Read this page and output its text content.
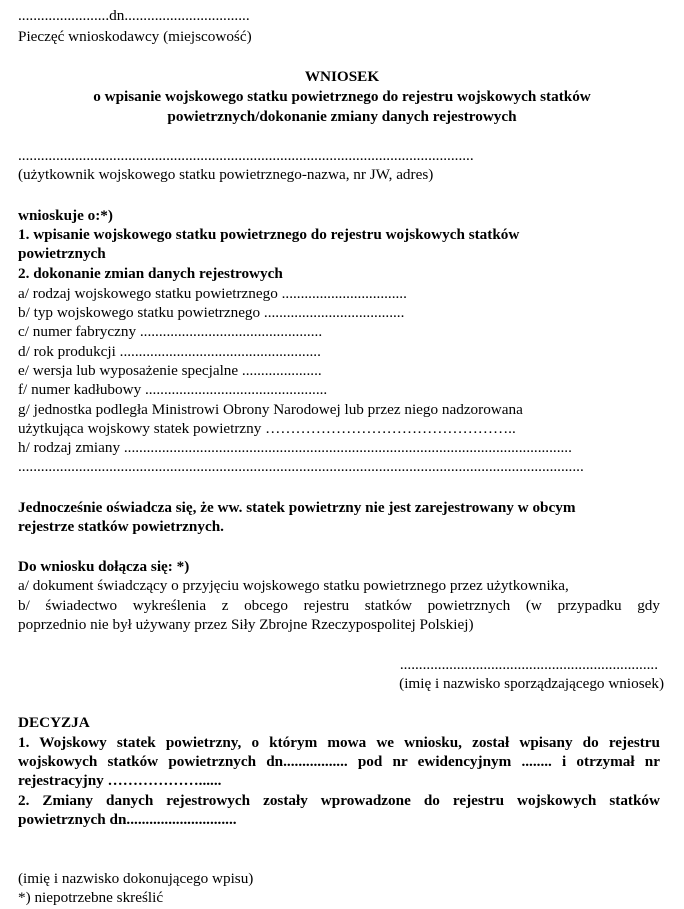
........................dn.................................
Pieczęć wnioskodawcy (miejscowość)
WNIOSEK
o wpisanie wojskowego statku powietrznego do rejestru wojskowych statków
powietrznych/dokonanie zmiany danych rejestrowych
........................................................................................................................
(użytkownik wojskowego statku powietrznego-nazwa, nr JW, adres)
wnioskuje o:*)
1. wpisanie wojskowego statku powietrznego do rejestru wojskowych statków
powietrznych
2. dokonanie zmian danych rejestrowych
a/ rodzaj wojskowego statku powietrznego .................................
b/ typ wojskowego statku powietrznego .....................................
c/ numer fabryczny ................................................
d/ rok produkcji .....................................................
e/ wersja lub wyposażenie specjalne .....................
f/ numer kadłubowy ................................................
g/ jednostka podległa Ministrowi Obrony Narodowej lub przez niego nadzorowana
użytkująca wojskowy statek powietrzny …………………………………………..
h/ rodzaj zmiany ......................................................................................................................
.....................................................................................................................................................
Jednocześnie oświadcza się, że ww. statek powietrzny nie jest zarejestrowany w obcym
rejestrze statków powietrznych.
Do wniosku dołącza się: *)
a/ dokument świadczący o przyjęciu wojskowego statku powietrznego przez użytkownika,
b/ świadectwo wykreślenia z obcego rejestru statków powietrznych (w przypadku gdy
poprzednio nie był używany przez Siły Zbrojne Rzeczypospolitej Polskiej)
....................................................................
(imię i nazwisko sporządzającego wniosek)
DECYZJA
1. Wojskowy statek powietrzny, o którym mowa we wniosku, został wpisany do rejestru
wojskowych statków powietrznych dn................. pod nr ewidencyjnym ........ i otrzymał nr
rejestracyjny ………………......
2. Zmiany danych rejestrowych zostały wprowadzone do rejestru wojskowych statków
powietrznych dn.............................
(imię i nazwisko dokonującego wpisu)
*) niepotrzebne skreślić
